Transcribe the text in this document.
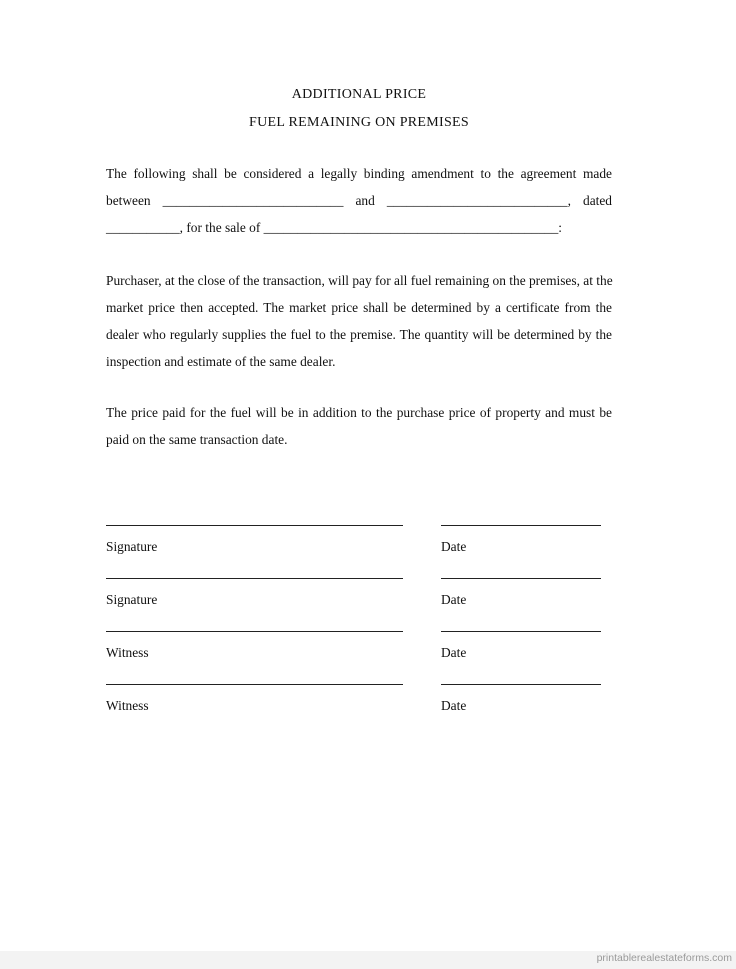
ADDITIONAL PRICE
FUEL REMAINING ON PREMISES
The following shall be considered a legally binding amendment to the agreement made
between ___________________________ and ___________________________, dated
___________, for the sale of ____________________________________________:
Purchaser, at the close of the transaction, will pay for all fuel remaining on the premises, at the
market price then accepted. The market price shall be determined by a certificate from the
dealer who regularly supplies the fuel to the premise. The quantity will be determined by the
inspection and estimate of the same dealer.
The price paid for the fuel will be in addition to the purchase price of property and must be
paid on the same transaction date.
Signature	Date
Signature	Date
Witness	Date
Witness	Date
printablerealestateforms.com
